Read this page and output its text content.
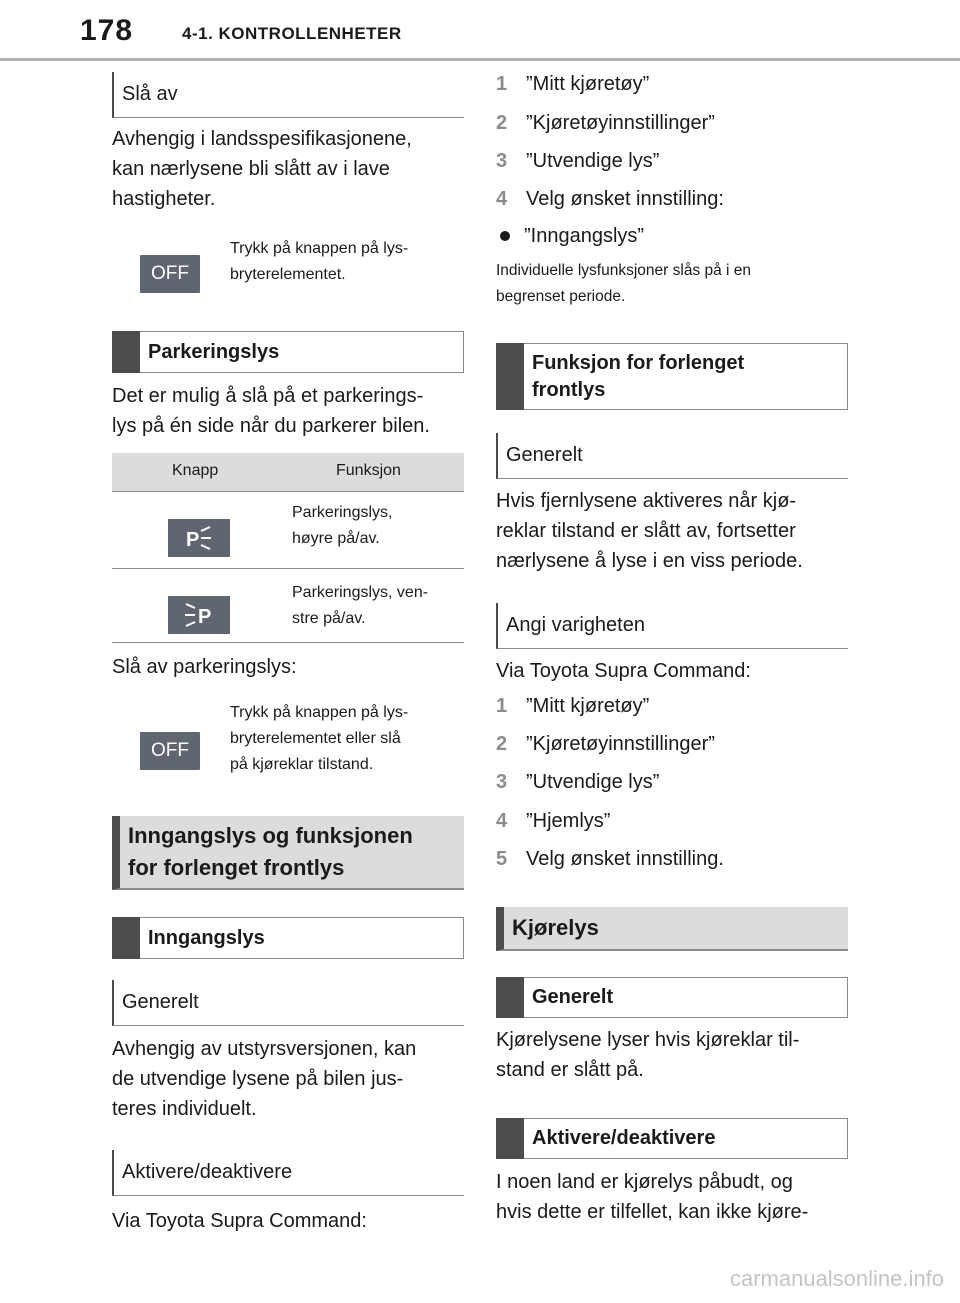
178	4-1. KONTROLLENHETER
Slå av
Avhengig i landsspesifikasjonene,
kan nærlysene bli slått av i lave
hastigheter.
OFF
Trykk på knappen på lys-
bryterelementet.
Parkeringslys
Det er mulig å slå på et parkerings-
lys på én side når du parkerer bilen.
Knapp	Funksjon
P
Parkeringslys,
høyre på/av.
P
Parkeringslys, ven-
stre på/av.
Slå av parkeringslys:
OFF
Trykk på knappen på lys-
bryterelementet eller slå
på kjøreklar tilstand.
Inngangslys og funksjonen
for forlenget frontlys
Inngangslys
Generelt
Avhengig av utstyrsversjonen, kan
de utvendige lysene på bilen jus-
teres individuelt.
Aktivere/deaktivere
Via Toyota Supra Command:
1 ”Mitt kjøretøy”
2 ”Kjøretøyinnstillinger”
3 ”Utvendige lys”
4 Velg ønsket innstilling:
”Inngangslys”
Individuelle lysfunksjoner slås på i en
begrenset periode.
Funksjon for forlenget
frontlys
Generelt
Hvis fjernlysene aktiveres når kjø-
reklar tilstand er slått av, fortsetter
nærlysene å lyse i en viss periode.
Angi varigheten
Via Toyota Supra Command:
1 ”Mitt kjøretøy”
2 ”Kjøretøyinnstillinger”
3 ”Utvendige lys”
4 ”Hjemlys”
5 Velg ønsket innstilling.
Kjørelys
Generelt
Kjørelysene lyser hvis kjøreklar til-
stand er slått på.
Aktivere/deaktivere
I noen land er kjørelys påbudt, og
hvis dette er tilfellet, kan ikke kjøre-
carmanualsonline.info
